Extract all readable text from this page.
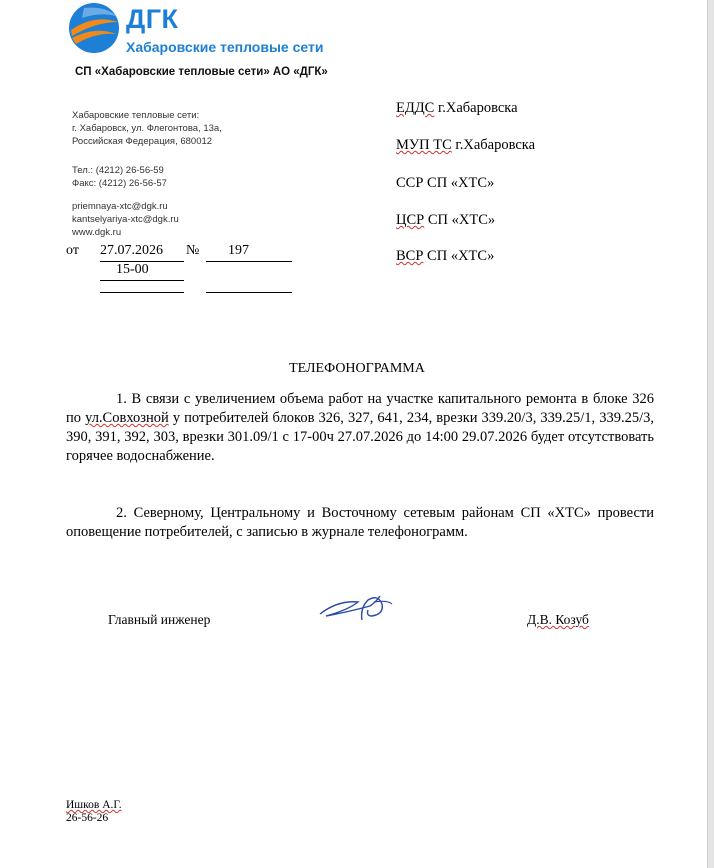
ДГК
Хабаровские тепловые сети
СП «Хабаровские тепловые сети» АО «ДГК»
Хабаровские тепловые сети:
г. Хабаровск, ул. Флегонтова, 13а,
Российская Федерация, 680012
Тел.: (4212) 26-56-59
Факс: (4212) 26-56-57
priemnaya-xtc@dgk.ru
kantselyariya-xtc@dgk.ru
www.dgk.ru
от 27.07.2026 № 197
15-00
ЕДДС г.Хабаровска
МУП ТС г.Хабаровска
ССР СП «ХТС»
ЦСР СП «ХТС»
ВСР СП «ХТС»
ТЕЛЕФОНОГРАММА
1. В связи с увеличением объема работ на участке капитального ремонта в блоке 326 по ул.Совхозной у потребителей блоков 326, 327, 641, 234, врезки 339.20/3, 339.25/1, 339.25/3, 390, 391, 392, 303, врезки 301.09/1 с 17-00ч 27.07.2026 до 14:00 29.07.2026 будет отсутствовать горячее водоснабжение.
2. Северному, Центральному и Восточному сетевым районам СП «ХТС» провести оповещение потребителей, с записью в журнале телефонограмм.
Главный инженер	Д.В. Козуб
Ишков А.Г.
26-56-26
